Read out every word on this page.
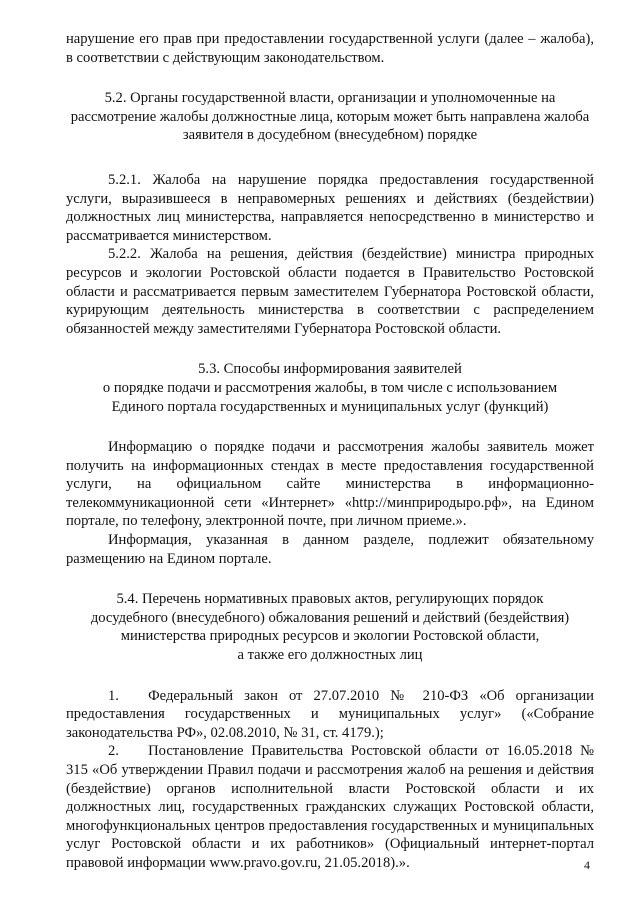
нарушение его прав при предоставлении государственной услуги (далее – жалоба), в соответствии с действующим законодательством.

5.2. Органы государственной власти, организации и уполномоченные на рассмотрение жалобы должностные лица, которым может быть направлена жалоба заявителя в досудебном (внесудебном) порядке

5.2.1. Жалоба на нарушение порядка предоставления государственной услуги, выразившееся в неправомерных решениях и действиях (бездействии) должностных лиц министерства, направляется непосредственно в министерство и рассматривается министерством.

5.2.2. Жалоба на решения, действия (бездействие) министра природных ресурсов и экологии Ростовской области подается в Правительство Ростовской области и рассматривается первым заместителем Губернатора Ростовской области, курирующим деятельность министерства в соответствии с распределением обязанностей между заместителями Губернатора Ростовской области.

5.3. Способы информирования заявителей

о порядке подачи и рассмотрения жалобы, в том числе с использованием

Единого портала государственных и муниципальных услуг (функций)

Информацию о порядке подачи и рассмотрения жалобы заявитель может получить на информационных стендах в месте предоставления государственной услуги, на официальном сайте министерства в информационно-телекоммуникационной сети «Интернет» «http://минприродыро.рф», на Едином портале, по телефону, электронной почте, при личном приеме.».

Информация, указанная в данном разделе, подлежит обязательному размещению на Едином портале.

5.4. Перечень нормативных правовых актов, регулирующих порядок

досудебного (внесудебного) обжалования решений и действий (бездействия)

министерства природных ресурсов и экологии Ростовской области,

а также его должностных лиц

1.  Федеральный закон от 27.07.2010 № 210-ФЗ «Об организации предоставления государственных и муниципальных услуг» («Собрание законодательства РФ», 02.08.2010, № 31, ст. 4179.);

2.  Постановление Правительства Ростовской области от 16.05.2018 № 315 «Об утверждении Правил подачи и рассмотрения жалоб на решения и действия (бездействие) органов исполнительной власти Ростовской области и их должностных лиц, государственных гражданских служащих Ростовской области, многофункциональных центров предоставления государственных и муниципальных услуг Ростовской области и их работников» (Официальный интернет-портал правовой информации www.pravo.gov.ru, 21.05.2018).».	4
